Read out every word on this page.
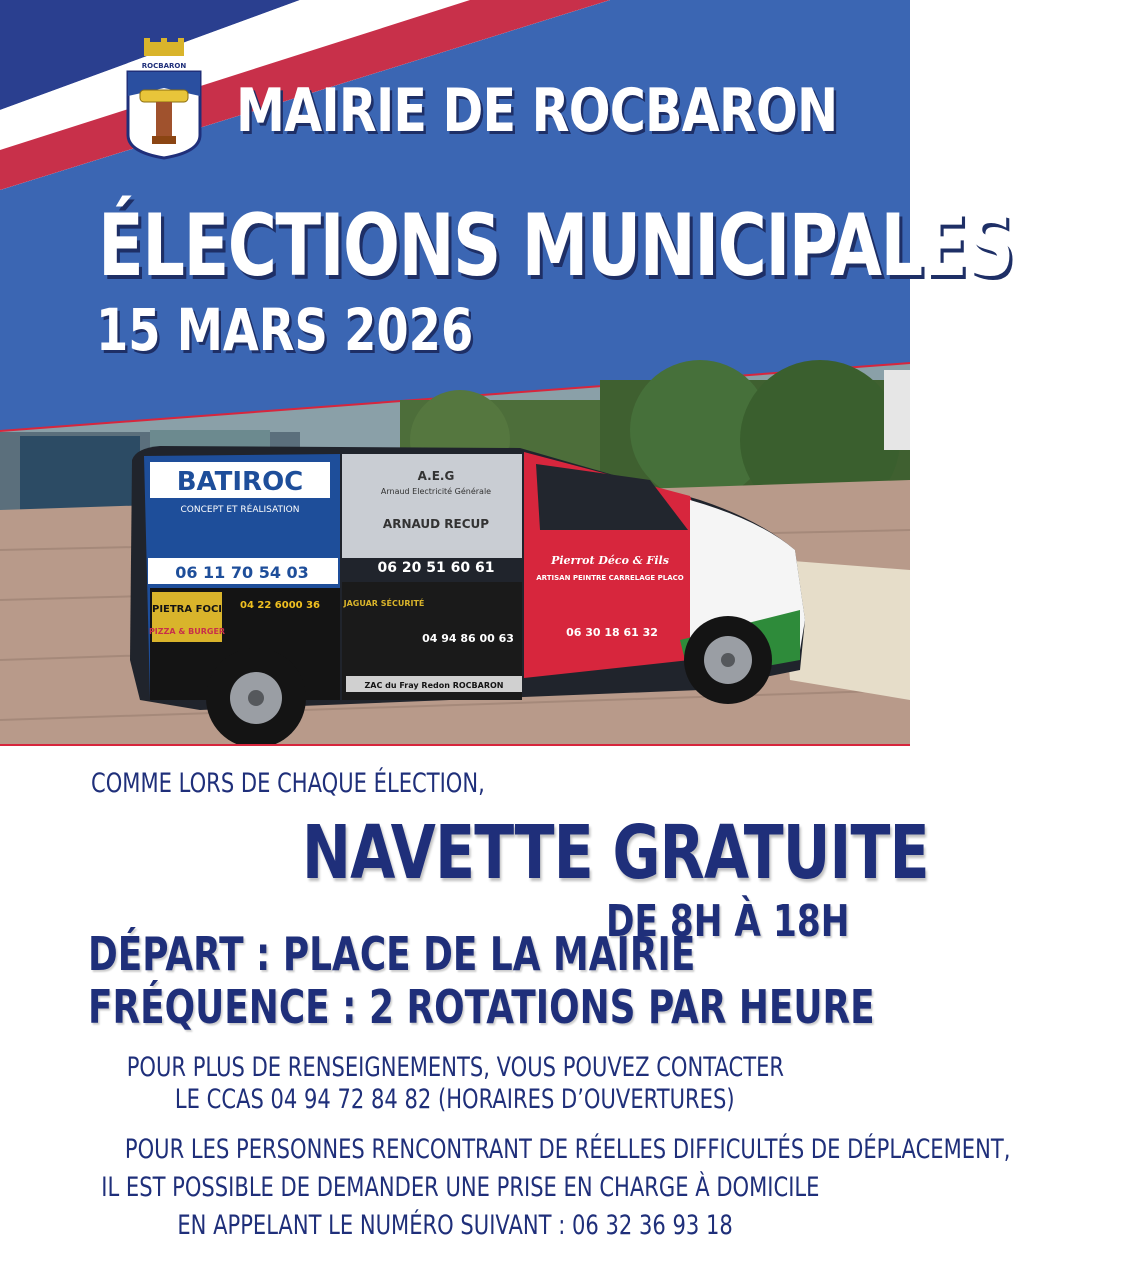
ROCBARON
MAIRIE DE ROCBARON
ÉLECTIONS MUNICIPALES
15 MARS 2026
BATIROC
CONCEPT ET RÉALISATION
06 11 70 54 03
PIETRA FOCI
PIZZA & BURGER
04 22 6000 36
A.E.G
Arnaud Electricité Générale
ARNAUD RECUP
06 20 51 60 61
JAGUAR SÉCURITÉ
04 94 86 00 63
ZAC du Fray Redon ROCBARON
Pierrot Déco & Fils
ARTISAN PEINTRE CARRELAGE PLACO
06 30 18 61 32
COMME LORS DE CHAQUE ÉLECTION,
NAVETTE GRATUITE
DE 8H À 18H
DÉPART : PLACE DE LA MAIRIE
FRÉQUENCE : 2 ROTATIONS PAR HEURE
POUR PLUS DE RENSEIGNEMENTS, VOUS POUVEZ CONTACTER
LE CCAS 04 94 72 84 82 (HORAIRES D’OUVERTURES)
POUR LES PERSONNES RENCONTRANT DE RÉELLES DIFFICULTÉS DE DÉPLACEMENT,
IL EST POSSIBLE DE DEMANDER UNE PRISE EN CHARGE À DOMICILE
EN APPELANT LE NUMÉRO SUIVANT : 06 32 36 93 18
